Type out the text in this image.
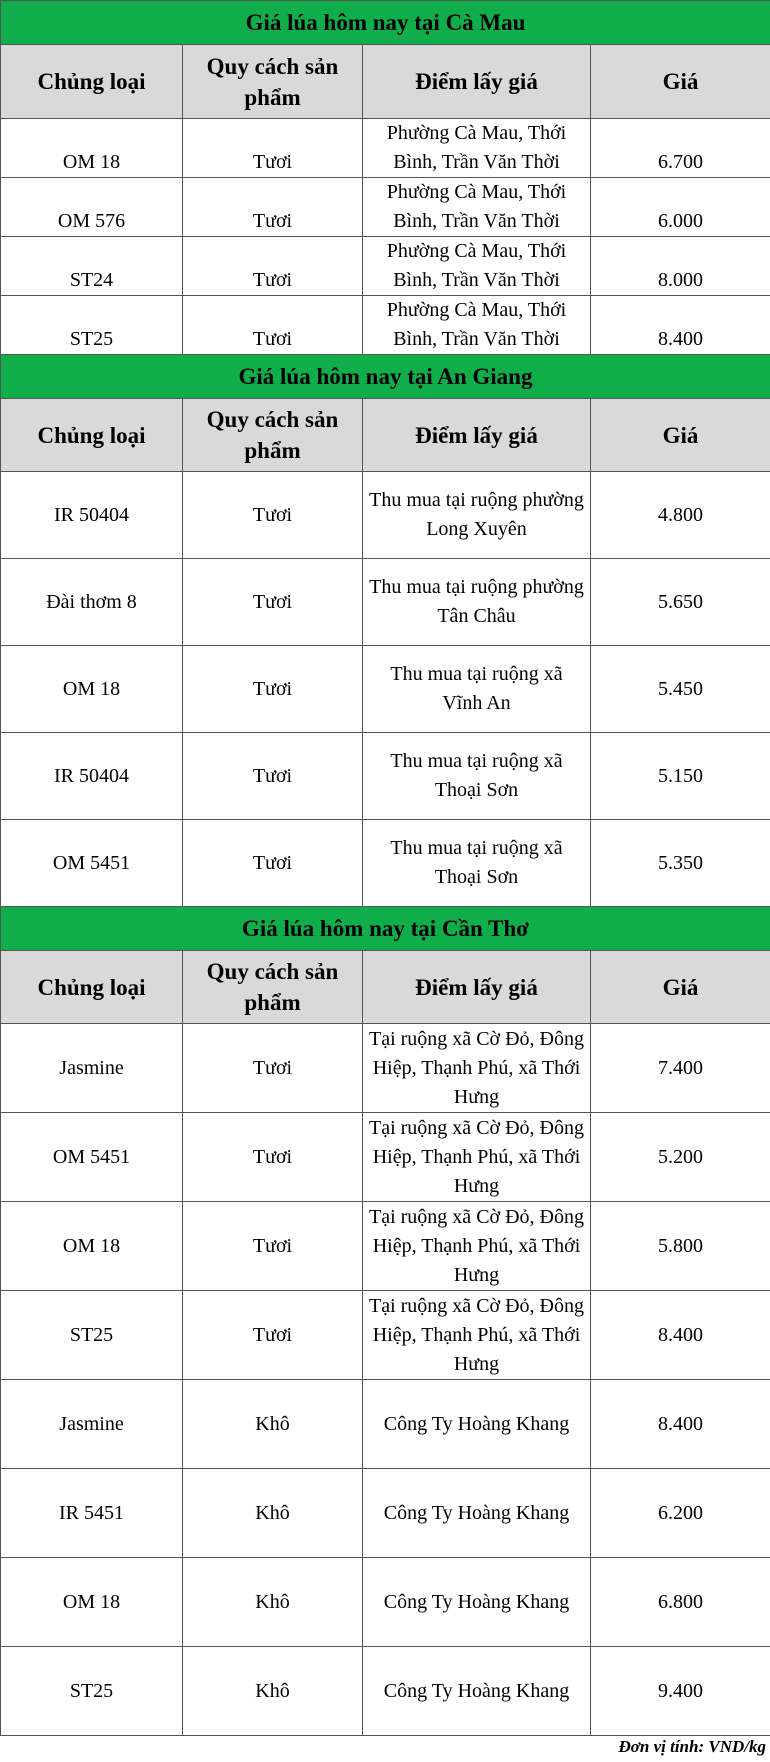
Giá lúa hôm nay tại Cà Mau			
Chủng loại	Quy cách sản phẩm	Điểm lấy giá	Giá
OM 18	Tươi	Phường Cà Mau, Thới Bình, Trần Văn Thời	6.700
OM 576	Tươi	Phường Cà Mau, Thới Bình, Trần Văn Thời	6.000
ST24	Tươi	Phường Cà Mau, Thới Bình, Trần Văn Thời	8.000
ST25	Tươi	Phường Cà Mau, Thới Bình, Trần Văn Thời	8.400
Giá lúa hôm nay tại An Giang			
Chủng loại	Quy cách sản phẩm	Điểm lấy giá	Giá
IR 50404	Tươi	Thu mua tại ruộng phường Long Xuyên	4.800
Đài thơm 8	Tươi	Thu mua tại ruộng phường Tân Châu	5.650
OM 18	Tươi	Thu mua tại ruộng xã Vĩnh An	5.450
IR 50404	Tươi	Thu mua tại ruộng xã Thoại Sơn	5.150
OM 5451	Tươi	Thu mua tại ruộng xã Thoại Sơn	5.350
Giá lúa hôm nay tại Cần Thơ			
Chủng loại	Quy cách sản phẩm	Điểm lấy giá	Giá
Jasmine	Tươi	Tại ruộng xã Cờ Đỏ, Đông Hiệp, Thạnh Phú, xã Thới Hưng	7.400
OM 5451	Tươi	Tại ruộng xã Cờ Đỏ, Đông Hiệp, Thạnh Phú, xã Thới Hưng	5.200
OM 18	Tươi	Tại ruộng xã Cờ Đỏ, Đông Hiệp, Thạnh Phú, xã Thới Hưng	5.800
ST25	Tươi	Tại ruộng xã Cờ Đỏ, Đông Hiệp, Thạnh Phú, xã Thới Hưng	8.400
Jasmine	Khô	Công Ty Hoàng Khang	8.400
IR 5451	Khô	Công Ty Hoàng Khang	6.200
OM 18	Khô	Công Ty Hoàng Khang	6.800
ST25	Khô	Công Ty Hoàng Khang	9.400
Đơn vị tính: VND/kg
